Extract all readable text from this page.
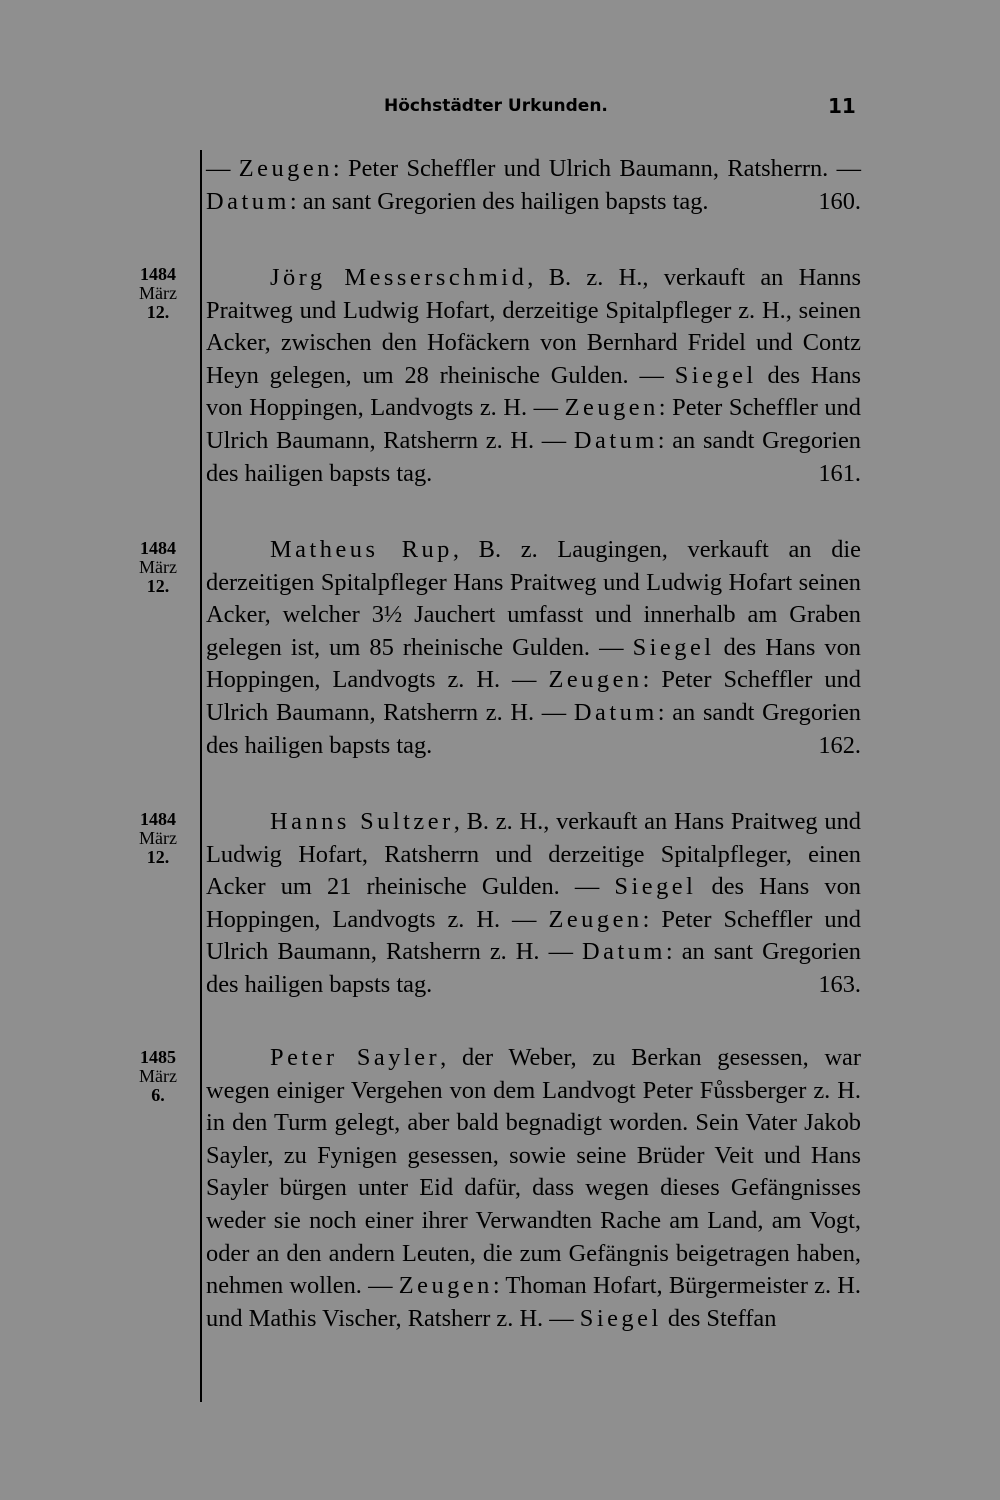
Höchstädter Urkunden.	11

— Zeugen: Peter Scheffler und Ulrich Baumann, Ratsherrn. — Datum: an sant Gregorien des hailigen bapsts tag.	160.

1484
März
12.

Jörg Messerschmid, B. z. H., verkauft an Hanns Praitweg und Ludwig Hofart, derzeitige Spitalpfleger z. H., seinen Acker, zwischen den Hofäckern von Bernhard Fridel und Contz Heyn gelegen, um 28 rheinische Gulden. — Siegel des Hans von Hoppingen, Landvogts z. H. — Zeugen: Peter Scheffler und Ulrich Baumann, Ratsherrn z. H. — Datum: an sandt Gregorien des hailigen bapsts tag.	161.

1484
März
12.

Matheus Rup, B. z. Laugingen, verkauft an die derzeitigen Spitalpfleger Hans Praitweg und Ludwig Hofart seinen Acker, welcher 3½ Jauchert umfasst und innerhalb am Graben gelegen ist, um 85 rheinische Gulden. — Siegel des Hans von Hoppingen, Landvogts z. H. — Zeugen: Peter Scheffler und Ulrich Baumann, Ratsherrn z. H. — Datum: an sandt Gregorien des hailigen bapsts tag.	162.

1484
März
12.

Hanns Sultzer, B. z. H., verkauft an Hans Praitweg und Ludwig Hofart, Ratsherrn und derzeitige Spitalpfleger, einen Acker um 21 rheinische Gulden. — Siegel des Hans von Hoppingen, Landvogts z. H. — Zeugen: Peter Scheffler und Ulrich Baumann, Ratsherrn z. H. — Datum: an sant Gregorien des hailigen bapsts tag.	163.

1485
März
6.

Peter Sayler, der Weber, zu Berkan gesessen, war wegen einiger Vergehen von dem Landvogt Peter Fůssberger z. H. in den Turm gelegt, aber bald begnadigt worden. Sein Vater Jakob Sayler, zu Fynigen gesessen, sowie seine Brüder Veit und Hans Sayler bürgen unter Eid dafür, dass wegen dieses Gefängnisses weder sie noch einer ihrer Verwandten Rache am Land, am Vogt, oder an den andern Leuten, die zum Gefängnis beigetragen haben, nehmen wollen. — Zeugen: Thoman Hofart, Bürgermeister z. H. und Mathis Vischer, Ratsherr z. H. — Siegel des Steffan
